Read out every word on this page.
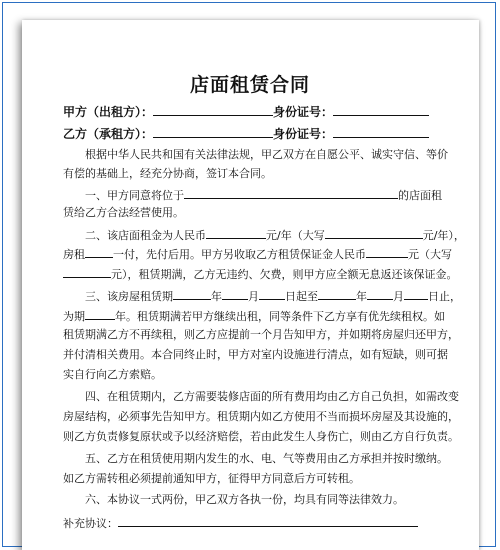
店面租赁合同
甲方（出租方）：	身份证号：
乙方（承租方）：	身份证号：
根据中华人民共和国有关法律法规，甲乙双方在自愿公平、诚实守信、等价
有偿的基础上，经充分协商，签订本合同。
一、甲方同意将位于	的店面租
赁给乙方合法经营使用。
二、该店面租金为人民币	元/年（大写	元/年），
房租	一付，先付后用。甲方另收取乙方租赁保证金人民币	元（大写
元），租赁期满，乙方无违约、欠费，则甲方应全额无息返还该保证金。
三、该房屋租赁期	年 月 日起至	年 月 日止，
为期	年。租赁期满若甲方继续出租，同等条件下乙方享有优先续租权。如
租赁期满乙方不再续租，则乙方应提前一个月告知甲方，并如期将房屋归还甲方，
并付清相关费用。本合同终止时，甲方对室内设施进行清点，如有短缺，则可据
实自行向乙方索赔。
四、在租赁期内，乙方需要装修店面的所有费用均由乙方自己负担，如需改变
房屋结构，必须事先告知甲方。租赁期内如乙方使用不当而损坏房屋及其设施的，
则乙方负责修复原状或予以经济赔偿，若由此发生人身伤亡，则由乙方自行负责。
五、乙方在租赁使用期内发生的水、电、气等费用由乙方承担并按时缴纳。
如乙方需转租必须提前通知甲方，征得甲方同意后方可转租。
六、本协议一式两份，甲乙双方各执一份，均具有同等法律效力。
补充协议：
